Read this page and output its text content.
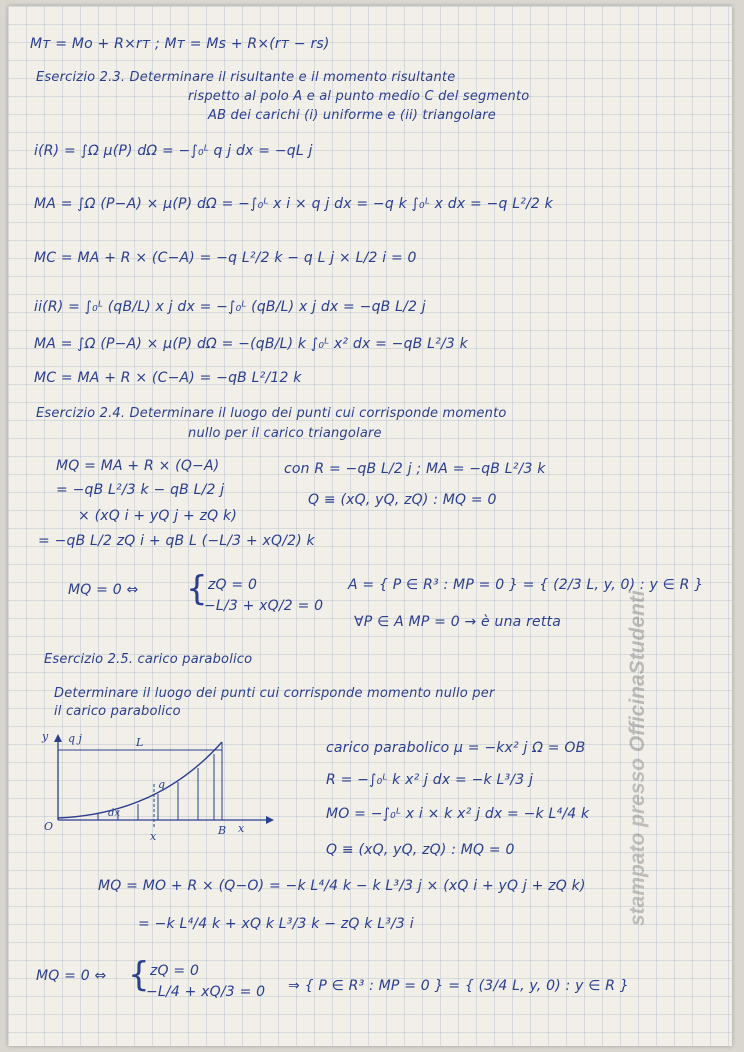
Mт = Mo + R×rт ; Mт = Ms + R×(rт − rs)
Esercizio 2.3. Determinare il risultante e il momento risultante
rispetto al polo A e al punto medio C del segmento
AB dei carichi (i) uniforme e (ii) triangolare
i(R) = ∫Ω μ(P) dΩ = −∫₀ᴸ q j dx = −qL j
MA = ∫Ω (P−A) × μ(P) dΩ = −∫₀ᴸ x i × q j dx = −q k ∫₀ᴸ x dx = −q L²/2 k
MC = MA + R × (C−A) = −q L²/2 k − q L j × L/2 i = 0
ii(R) = ∫₀ᴸ (qB/L) x j dx = −∫₀ᴸ (qB/L) x j dx = −qB L/2 j
MA = ∫Ω (P−A) × μ(P) dΩ = −(qB/L) k ∫₀ᴸ x² dx = −qB L²/3 k
MC = MA + R × (C−A) = −qB L²/12 k
Esercizio 2.4. Determinare il luogo dei punti cui corrisponde momento
nullo per il carico triangolare
MQ = MA + R × (Q−A)	con R = −qB L/2 j ; MA = −qB L²/3 k
= −qB L²/3 k − qB L/2 j
Q ≡ (xQ, yQ, zQ) : MQ = 0
× (xQ i + yQ j + zQ k)
= −qB L/2 zQ i + qB L (−L/3 + xQ/2) k
MQ = 0 ⇔ { zQ = 0
−L/3 + xQ/2 = 0
A = { P ∈ R³ : MP = 0 } = { (2/3 L, y, 0) : y ∈ R }
∀P ∈ A MP = 0 → è una retta
Esercizio 2.5. carico parabolico
Determinare il luogo dei punti cui corrisponde momento nullo per
il carico parabolico
y q j	L
O	x
B
x
q
dx
carico parabolico μ = −kx² j Ω = OB
R = −∫₀ᴸ k x² j dx = −k L³/3 j
MO = −∫₀ᴸ x i × k x² j dx = −k L⁴/4 k
Q ≡ (xQ, yQ, zQ) : MQ = 0
MQ = MO + R × (Q−O) = −k L⁴/4 k − k L³/3 j × (xQ i + yQ j + zQ k)
= −k L⁴/4 k + xQ k L³/3 k − zQ k L³/3 i
MQ = 0 ⇔ { zQ = 0
−L/4 + xQ/3 = 0 ⇒ { P ∈ R³ : MP = 0 } = { (3/4 L, y, 0) : y ∈ R }
stampato presso OfficinaStudenti
